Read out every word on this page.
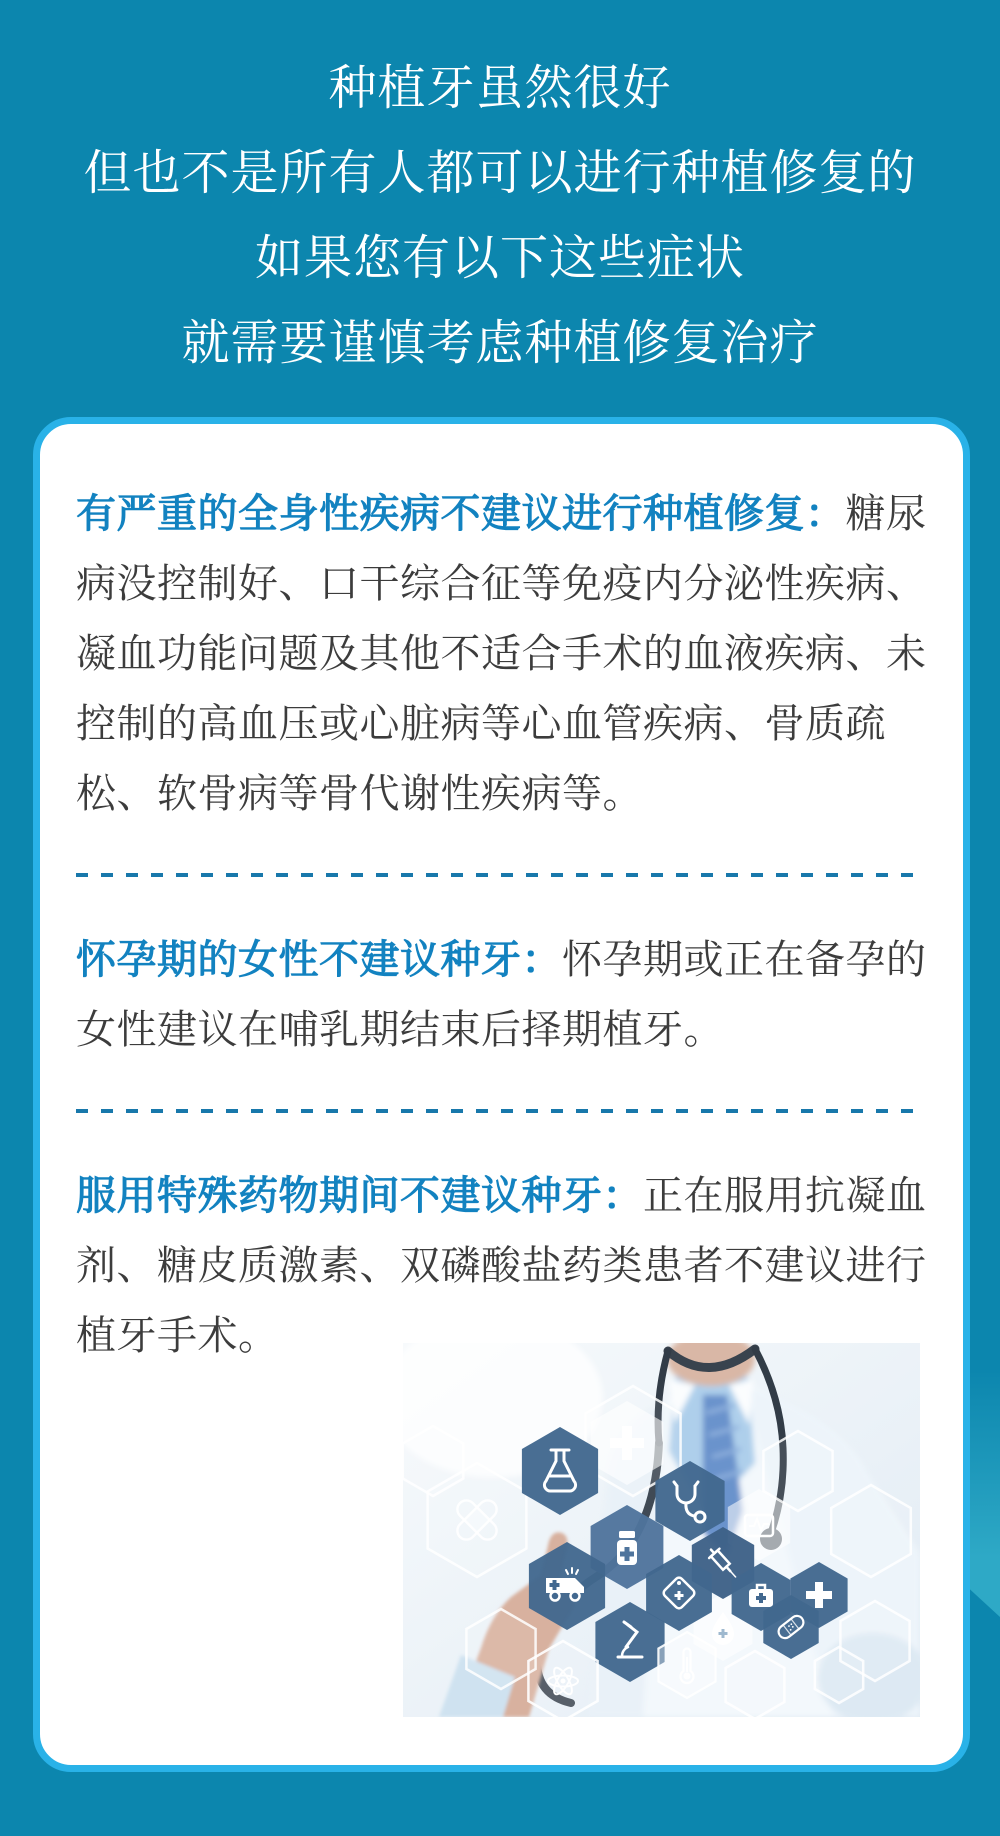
种植牙虽然很好

但也不是所有人都可以进行种植修复的

如果您有以下这些症状

就需要谨慎考虑种植修复治疗

有严重的全身性疾病不建议进行种植修复：糖尿
病没控制好、口干综合征等免疫内分泌性疾病、
凝血功能问题及其他不适合手术的血液疾病、未
控制的高血压或心脏病等心血管疾病、骨质疏
松、软骨病等骨代谢性疾病等。
怀孕期的女性不建议种牙：怀孕期或正在备孕的
女性建议在哺乳期结束后择期植牙。
服用特殊药物期间不建议种牙：正在服用抗凝血
剂、糖皮质激素、双磷酸盐药类患者不建议进行
植牙手术。
